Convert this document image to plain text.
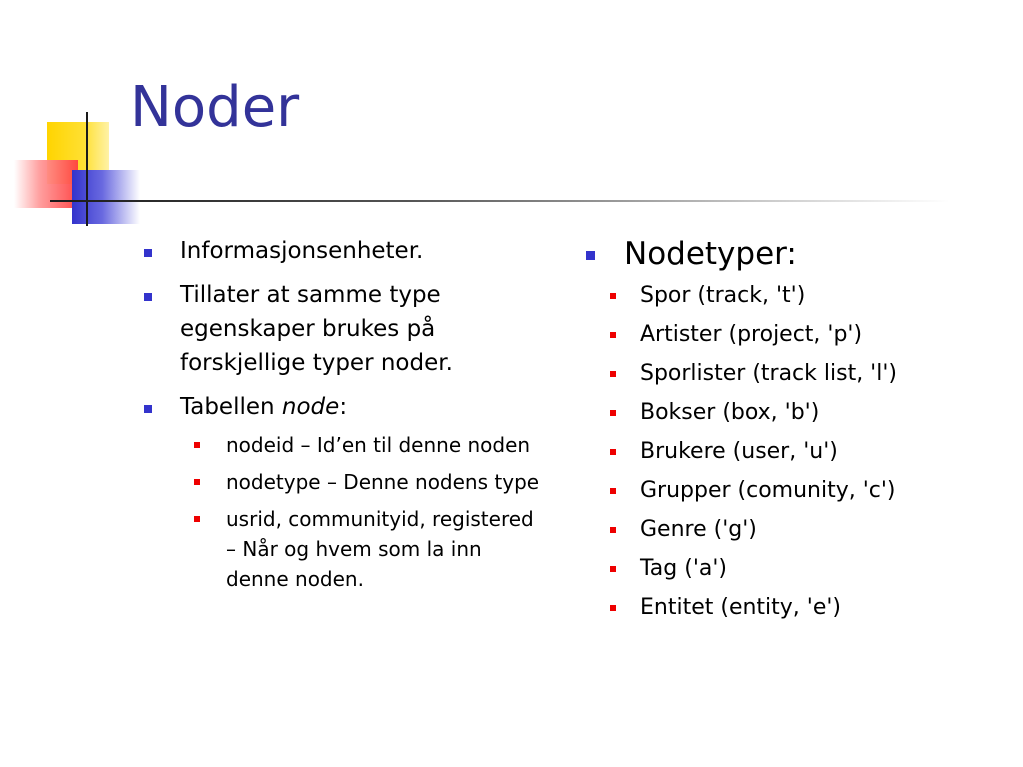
Noder
Informasjonsenheter.
Tillater at samme type egenskaper brukes på forskjellige typer noder.
Tabellen node:
nodeid – Id’en til denne noden
nodetype – Denne nodens type
usrid, communityid, registered – Når og hvem som la inn denne noden.
Nodetyper:
Spor (track, 't')
Artister (project, 'p')
Sporlister (track list, 'l')
Bokser (box, 'b')
Brukere (user, 'u')
Grupper (comunity, 'c')
Genre ('g')
Tag ('a')
Entitet (entity, 'e')
